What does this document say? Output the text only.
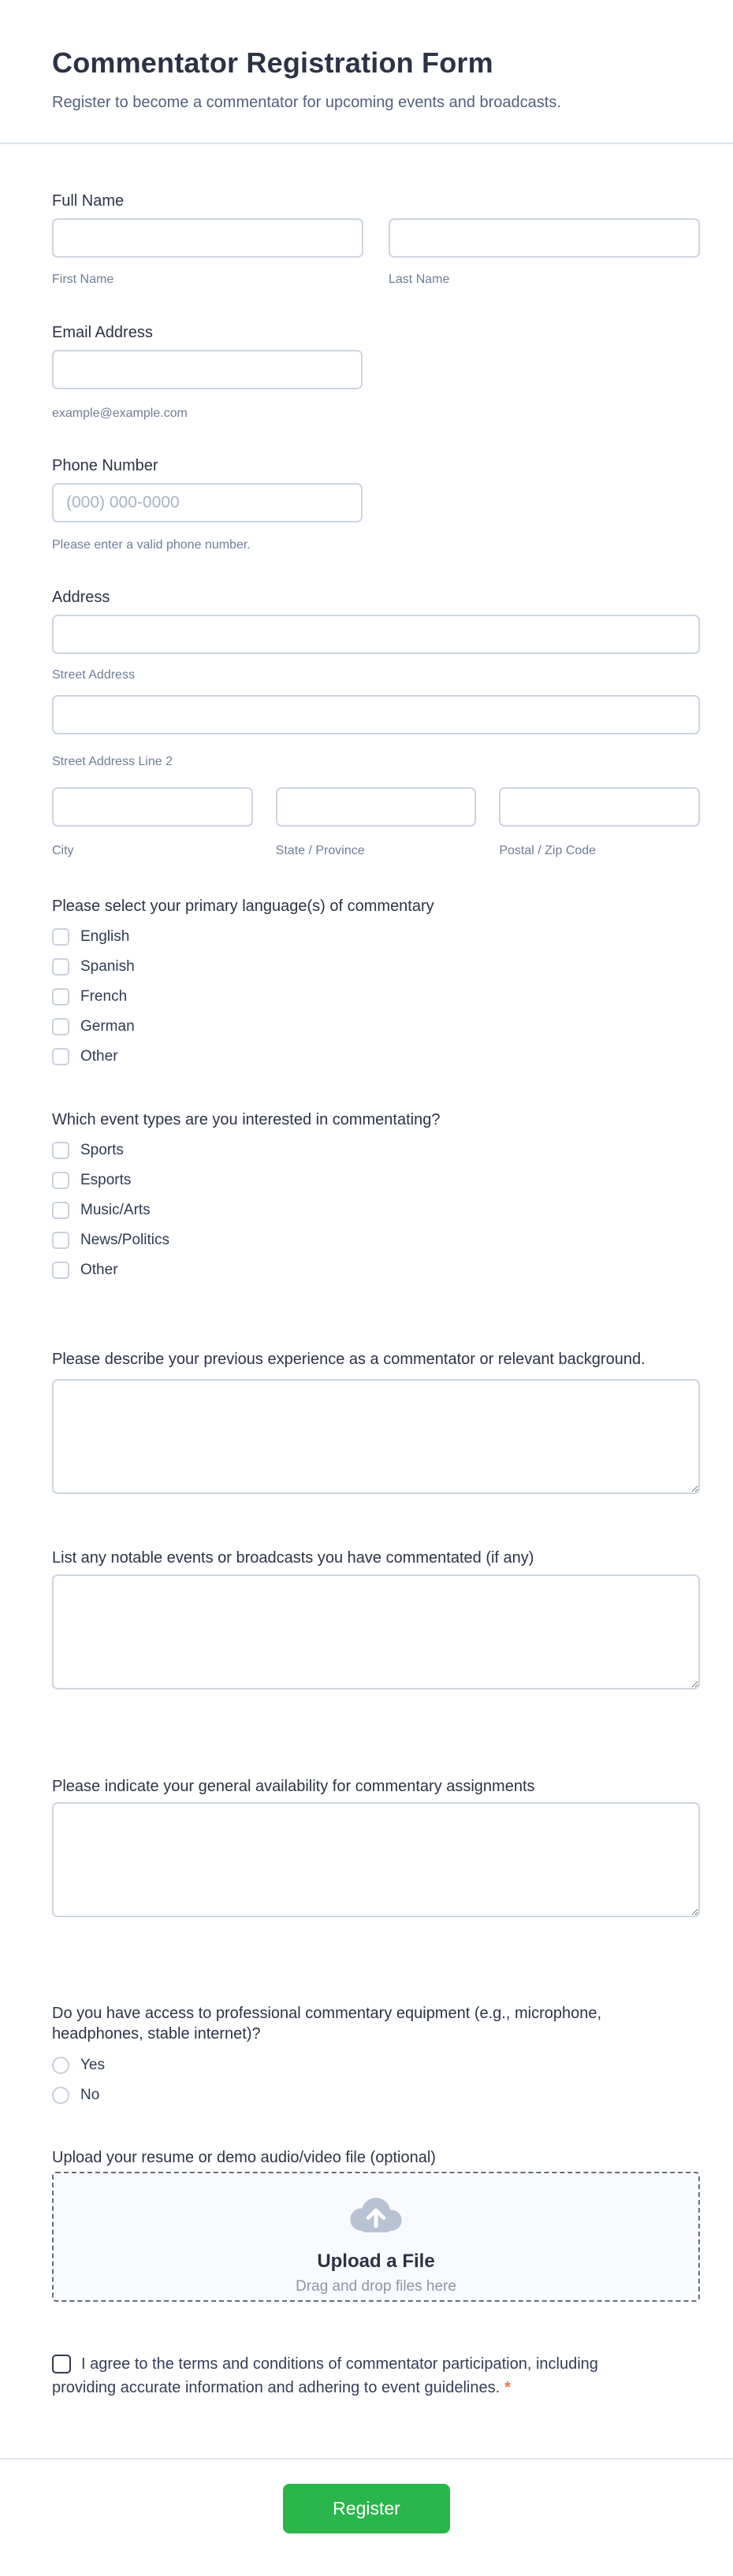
Commentator Registration Form
Register to become a commentator for upcoming events and broadcasts.
Full Name
First Name	Last Name
Email Address
example@example.com
Phone Number
(000) 000-0000
Please enter a valid phone number.
Address
Street Address
Street Address Line 2
City	State / Province	Postal / Zip Code
Please select your primary language(s) of commentary
English
Spanish
French
German
Other
Which event types are you interested in commentating?
Sports
Esports
Music/Arts
News/Politics
Other
Please describe your previous experience as a commentator or relevant background.
List any notable events or broadcasts you have commentated (if any)
Please indicate your general availability for commentary assignments
Do you have access to professional commentary equipment (e.g., microphone, headphones, stable internet)?
Yes
No
Upload your resume or demo audio/video file (optional)
Upload a File
Drag and drop files here
I agree to the terms and conditions of commentator participation, including providing accurate information and adhering to event guidelines. *
Register
